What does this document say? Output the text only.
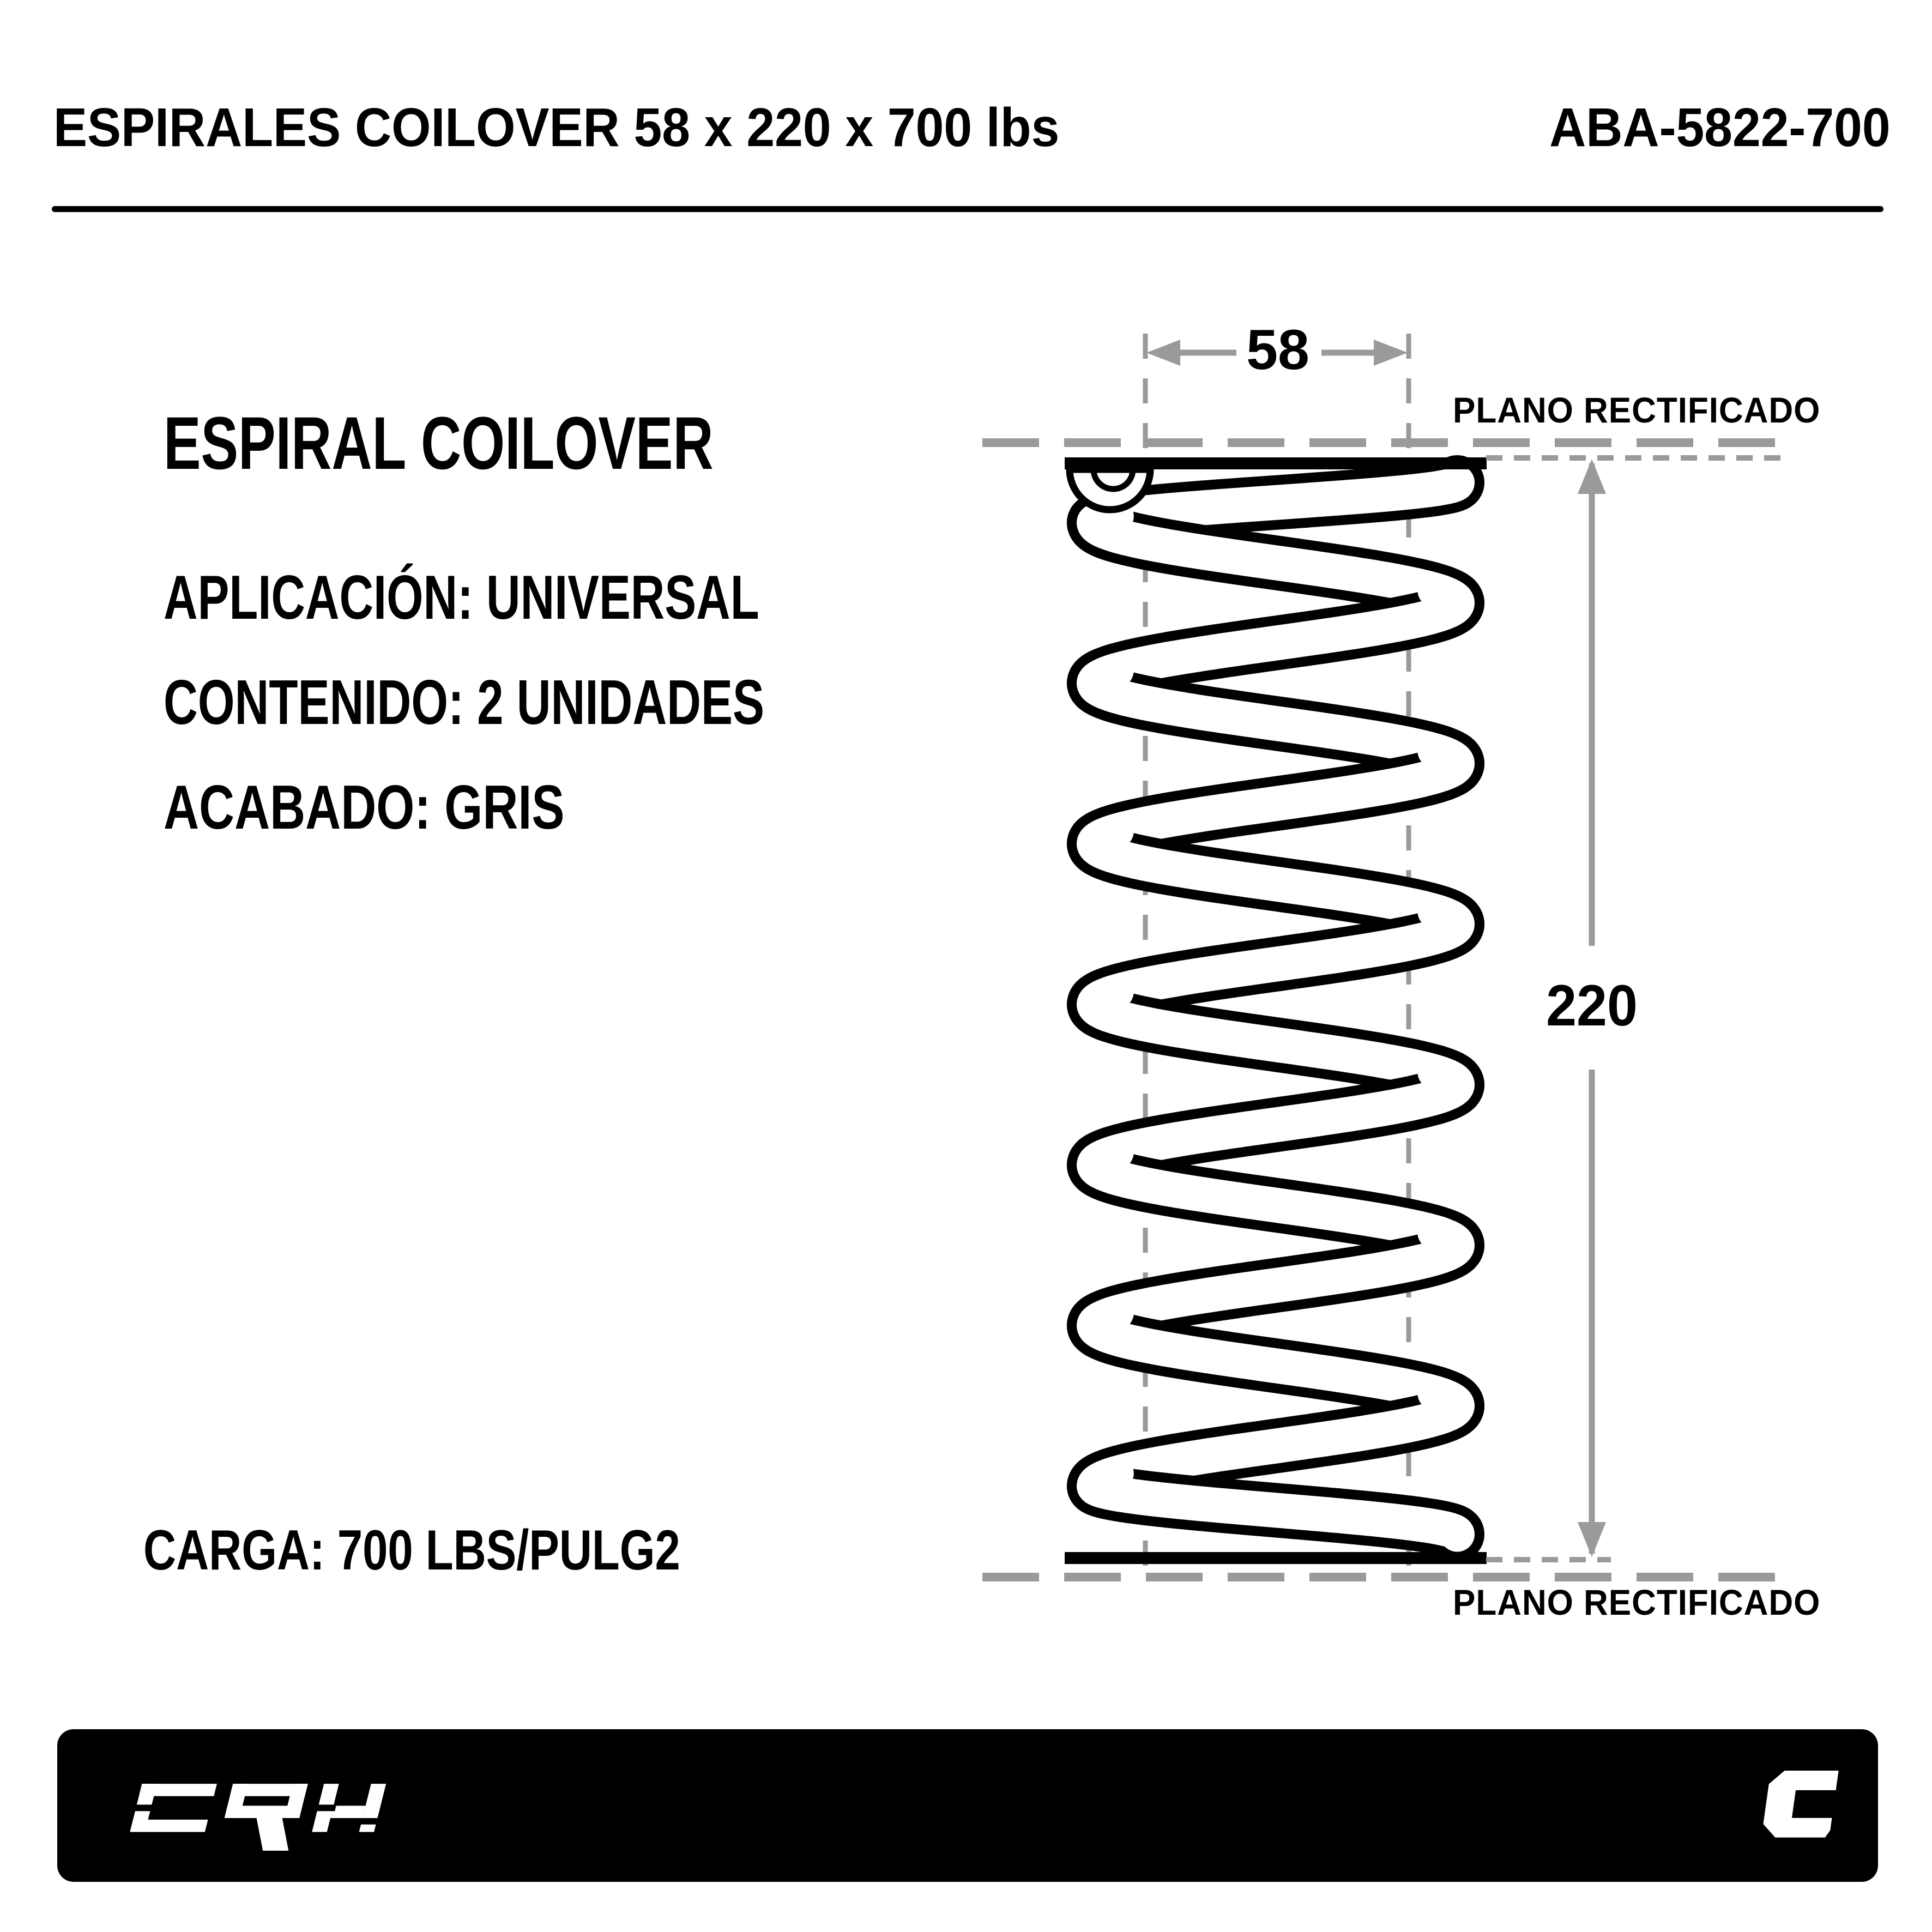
ESPIRALES COILOVER 58 x 220 x 700 lbs	ABA-5822-700
ESPIRAL COILOVER
APLICACIÓN: UNIVERSAL
CONTENIDO: 2 UNIDADES
ACABADO: GRIS
CARGA: 700 LBS/PULG2
58
220
PLANO RECTIFICADO
PLANO RECTIFICADO
